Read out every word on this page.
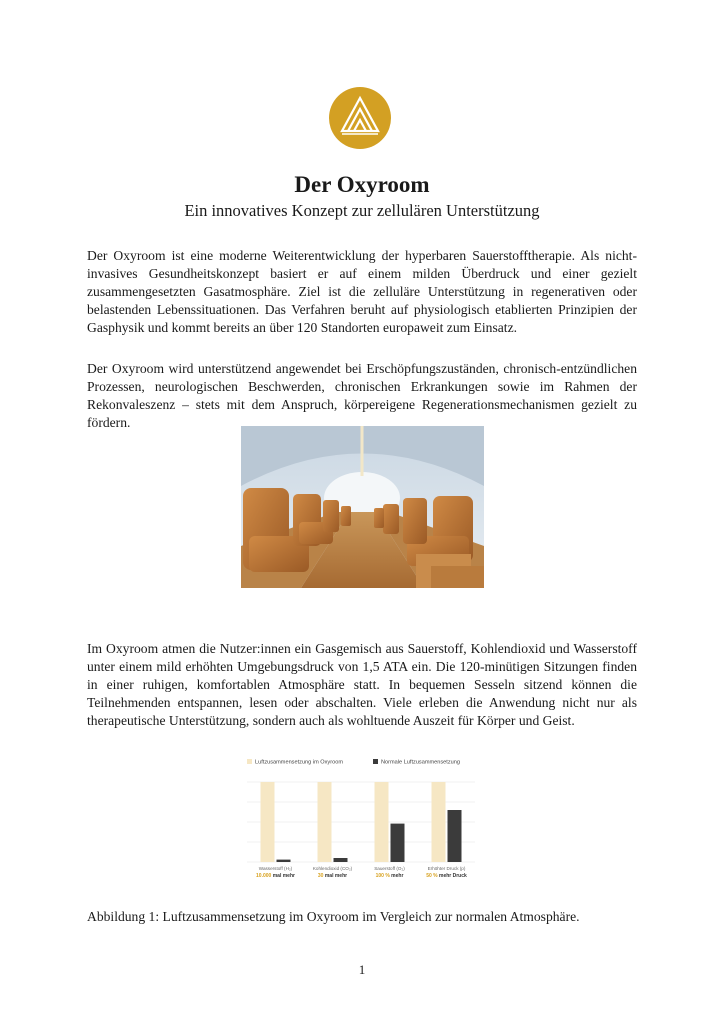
Der Oxyroom
Ein innovatives Konzept zur zellulären Unterstützung

Der Oxyroom ist eine moderne Weiterentwicklung der hyperbaren Sauerstofftherapie. Als nicht-invasives Gesundheitskonzept basiert er auf einem milden Überdruck und einer gezielt zusammengesetzten Gasatmosphäre. Ziel ist die zelluläre Unterstützung in regenerativen oder belastenden Lebenssituationen. Das Verfahren beruht auf physiologisch etablierten Prinzipien der Gasphysik und kommt bereits an über 120 Standorten europaweit zum Einsatz.

Der Oxyroom wird unterstützend angewendet bei Erschöpfungszuständen, chronisch-entzündlichen Prozessen, neurologischen Beschwerden, chronischen Erkrankungen sowie im Rahmen der Rekonvaleszenz – stets mit dem Anspruch, körpereigene Regenerationsmechanismen gezielt zu fördern.

Im Oxyroom atmen die Nutzer:innen ein Gasgemisch aus Sauerstoff, Kohlendioxid und Wasserstoff unter einem mild erhöhten Umgebungsdruck von 1,5 ATA ein. Die 120-minütigen Sitzungen finden in einer ruhigen, komfortablen Atmosphäre statt. In bequemen Sesseln sitzend können die Teilnehmenden entspannen, lesen oder abschalten. Viele erleben die Anwendung nicht nur als therapeutische Unterstützung, sondern auch als wohltuende Auszeit für Körper und Geist.

Luftzusammensetzung im Oxyroom	Normale Luftzusammensetzung
Wasserstoff (H₂)
10.000 mal mehr
Kohlendioxid (CO₂)
30 mal mehr
Sauerstoff (O₂)
100 % mehr
Erhöhter Druck (p)
50 % mehr Druck
Abbildung 1: Luftzusammensetzung im Oxyroom im Vergleich zur normalen Atmosphäre.
1
